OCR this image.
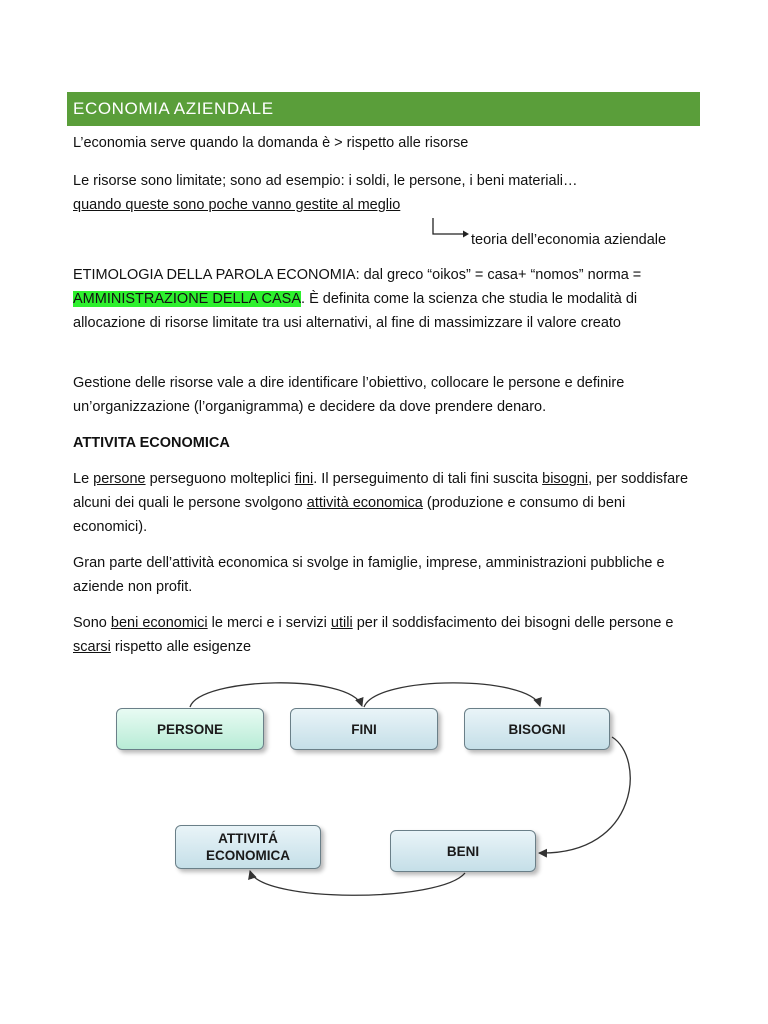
ECONOMIA AZIENDALE

L’economia serve quando la domanda è > rispetto alle risorse

Le risorse sono limitate; sono ad esempio: i soldi, le persone, i beni materiali…
quando queste sono poche vanno gestite al meglio

teoria dell’economia aziendale

ETIMOLOGIA DELLA PAROLA ECONOMIA: dal greco “oikos” = casa+ “nomos” norma = AMMINISTRAZIONE DELLA CASA. È definita come la scienza che studia le modalità di allocazione di risorse limitate tra usi alternativi, al fine di massimizzare il valore creato

Gestione delle risorse vale a dire identificare l’obiettivo, collocare le persone e definire un’organizzazione (l’organigramma) e decidere da dove prendere denaro.

ATTIVITA ECONOMICA

Le persone perseguono molteplici fini. Il perseguimento di tali fini suscita bisogni, per soddisfare alcuni dei quali le persone svolgono attività economica (produzione e consumo di beni economici).

Gran parte dell’attività economica si svolge in famiglie, imprese, amministrazioni pubbliche e aziende non profit.

Sono beni economici le merci e i servizi utili per il soddisfacimento dei bisogni delle persone e scarsi rispetto alle esigenze

PERSONE	FINI	BISOGNI
ATTIVITÁ
ECONOMICA	BENI
